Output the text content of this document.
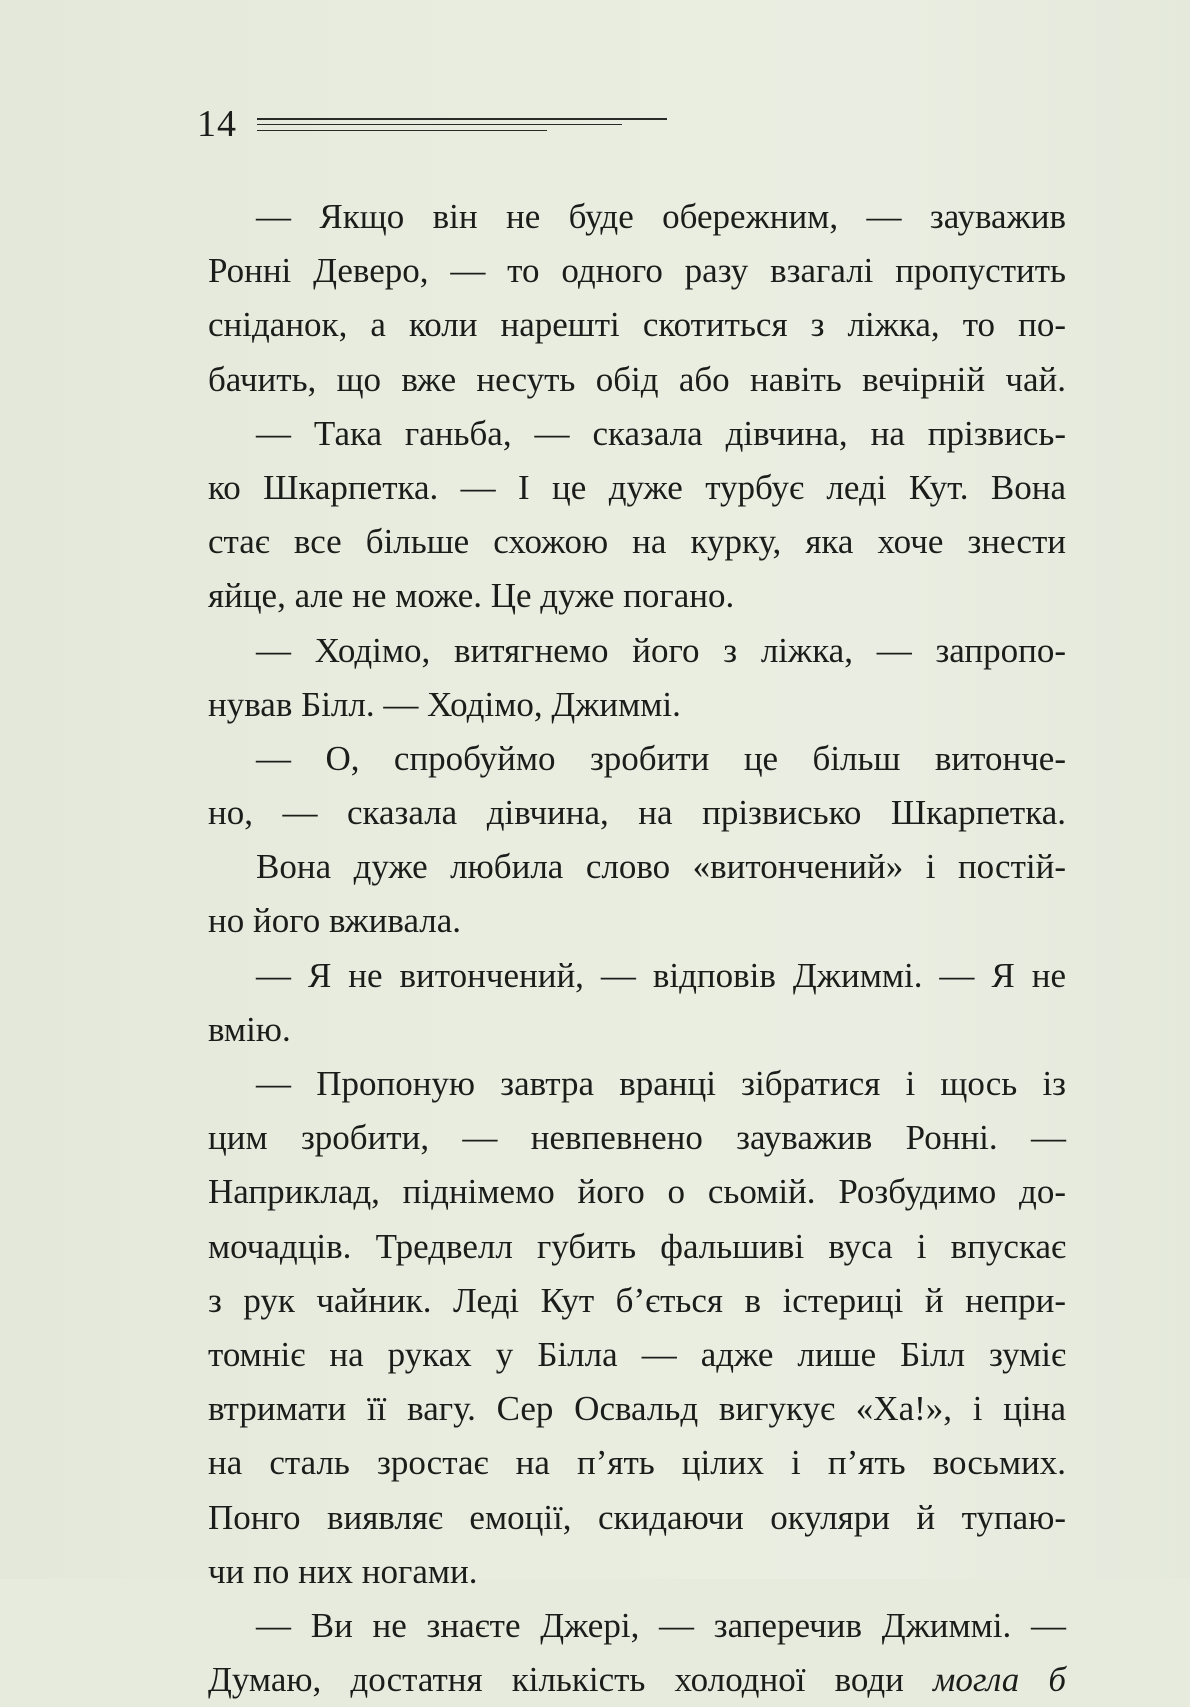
14
— Якщо він не буде обережним, — зауважив
Ронні Деверо, — то одного разу взагалі пропустить
сніданок, а коли нарешті скотиться з ліжка, то по-
бачить, що вже несуть обід або навіть вечірній чай.
— Така ганьба, — сказала дівчина, на прізвись-
ко Шкарпетка. — І це дуже турбує леді Кут. Вона
стає все більше схожою на курку, яка хоче знести
яйце, але не може. Це дуже погано.
— Ходімо, витягнемо його з ліжка, — запропо-
нував Білл. — Ходімо, Джиммі.
— О, спробуймо зробити це більш витонче-
но, — сказала дівчина, на прізвисько Шкарпетка.
Вона дуже любила слово «витончений» і постій-
но його вживала.
— Я не витончений, — відповів Джиммі. — Я не
вмію.
— Пропоную завтра вранці зібратися і щось із
цим зробити, — невпевнено зауважив Ронні. —
Наприклад, піднімемо його о сьомій. Розбудимо до-
мочадців. Тредвелл губить фальшиві вуса і впускає
з рук чайник. Леді Кут б’ється в істериці й непри-
томніє на руках у Білла — адже лише Білл зуміє
втримати її вагу. Сер Освальд вигукує «Ха!», і ціна
на сталь зростає на п’ять цілих і п’ять восьмих.
Понго виявляє емоції, скидаючи окуляри й тупаю-
чи по них ногами.
— Ви не знаєте Джері, — заперечив Джиммі. —
Думаю, достатня кількість холодної води могла б
